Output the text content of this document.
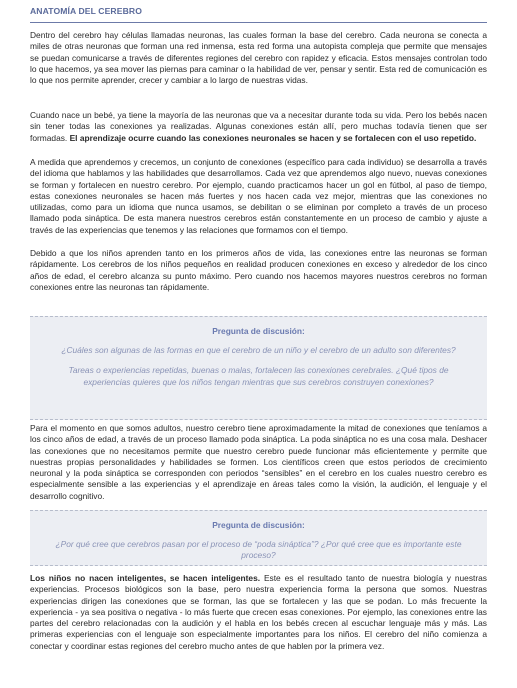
ANATOMÍA DEL CEREBRO

Dentro del cerebro hay células llamadas neuronas, las cuales forman la base del cerebro. Cada neurona se conecta a miles de otras neuronas que forman una red inmensa, esta red forma una autopista compleja que permite que mensajes se puedan comunicarse a través de diferentes regiones del cerebro con rapidez y eficacia. Estos mensajes controlan todo lo que hacemos, ya sea mover las piernas para caminar o la habilidad de ver, pensar y sentir. Esta red de comunicación es lo que nos permite aprender, crecer y cambiar a lo largo de nuestras vidas.

Cuando nace un bebé, ya tiene la mayoría de las neuronas que va a necesitar durante toda su vida. Pero los bebés nacen sin tener todas las conexiones ya realizadas. Algunas conexiones están allí, pero muchas todavía tienen que ser formadas. El aprendizaje ocurre cuando las conexiones neuronales se hacen y se fortalecen con el uso repetido.

A medida que aprendemos y crecemos, un conjunto de conexiones (específico para cada individuo) se desarrolla a través del idioma que hablamos y las habilidades que desarrollamos. Cada vez que aprendemos algo nuevo, nuevas conexiones se forman y fortalecen en nuestro cerebro. Por ejemplo, cuando practicamos hacer un gol en fútbol, al paso de tiempo, estas conexiones neuronales se hacen más fuertes y nos hacen cada vez mejor, mientras que las conexiones no utilizadas, como para un idioma que nunca usamos, se debilitan o se eliminan por completo a través de un proceso llamado poda sináptica. De esta manera nuestros cerebros están constantemente en un proceso de cambio y ajuste a través de las experiencias que tenemos y las relaciones que formamos con el tiempo.

Debido a que los niños aprenden tanto en los primeros años de vida, las conexiones entre las neuronas se forman rápidamente. Los cerebros de los niños pequeños en realidad producen conexiones en exceso y alrededor de los cinco años de edad, el cerebro alcanza su punto máximo. Pero cuando nos hacemos mayores nuestros cerebros no forman conexiones entre las neuronas tan rápidamente.

Pregunta de discusión:

¿Cuáles son algunas de las formas en que el cerebro de un niño y el cerebro de un adulto son diferentes?

Tareas o experiencias repetidas, buenas o malas, fortalecen las conexiones cerebrales. ¿Qué tipos de experiencias quieres que los niños tengan mientras que sus cerebros construyen conexiones?

Para el momento en que somos adultos, nuestro cerebro tiene aproximadamente la mitad de conexiones que teníamos a los cinco años de edad, a través de un proceso llamado poda sináptica. La poda sináptica no es una cosa mala. Deshacer las conexiones que no necesitamos permite que nuestro cerebro puede funcionar más eficientemente y permite que nuestras propias personalidades y habilidades se formen. Los científicos creen que estos periodos de crecimiento neuronal y la poda sináptica se corresponden con periodos “sensibles” en el cerebro en los cuales nuestro cerebro es especialmente sensible a las experiencias y el aprendizaje en áreas tales como la visión, la audición, el lenguaje y el desarrollo cognitivo.

Pregunta de discusión:

¿Por qué cree que cerebros pasan por el proceso de “poda sináptica”? ¿Por qué cree que es importante este proceso?

Los niños no nacen inteligentes, se hacen inteligentes. Este es el resultado tanto de nuestra biología y nuestras experiencias. Procesos biológicos son la base, pero nuestra experiencia forma la persona que somos. Nuestras experiencias dirigen las conexiones que se forman, las que se fortalecen y las que se podan. Lo más frecuente la experiencia - ya sea positiva o negativa - lo más fuerte que crecen esas conexiones. Por ejemplo, las conexiones entre las partes del cerebro relacionadas con la audición y el habla en los bebés crecen al escuchar lenguaje más y más. Las primeras experiencias con el lenguaje son especialmente importantes para los niños. El cerebro del niño comienza a conectar y coordinar estas regiones del cerebro mucho antes de que hablen por la primera vez.
